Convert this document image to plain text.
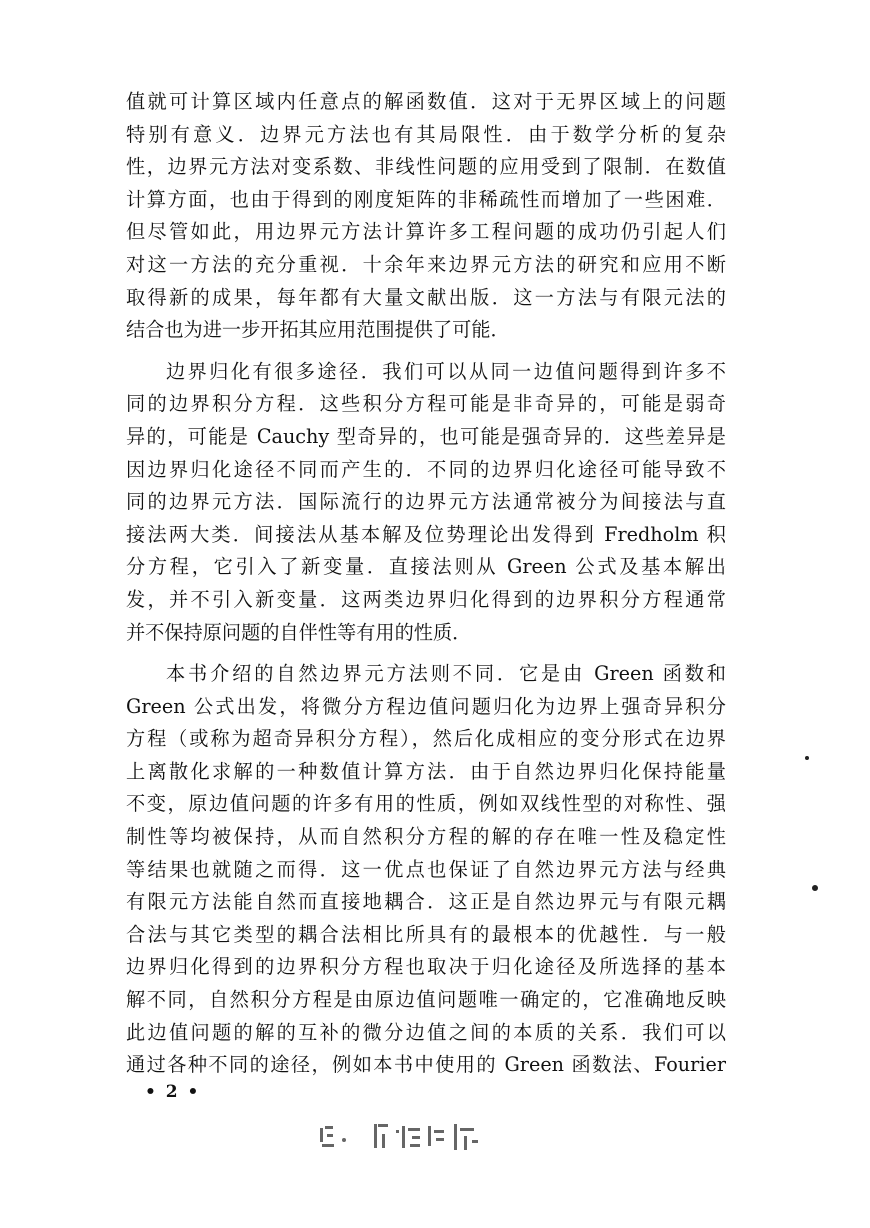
值就可计算区域内任意点的解函数值．这对于无界区域上的问题
特别有意义．边界元方法也有其局限性．由于数学分析的复杂
性，边界元方法对变系数、非线性问题的应用受到了限制．在数值
计算方面，也由于得到的刚度矩阵的非稀疏性而增加了一些困难．
但尽管如此，用边界元方法计算许多工程问题的成功仍引起人们
对这一方法的充分重视．十余年来边界元方法的研究和应用不断
取得新的成果，每年都有大量文献出版．这一方法与有限元法的
结合也为进一步开拓其应用范围提供了可能．
边界归化有很多途径．我们可以从同一边值问题得到许多不
同的边界积分方程．这些积分方程可能是非奇异的，可能是弱奇
异的，可能是 Cauchy 型奇异的，也可能是强奇异的．这些差异是
因边界归化途径不同而产生的．不同的边界归化途径可能导致不
同的边界元方法．国际流行的边界元方法通常被分为间接法与直
接法两大类．间接法从基本解及位势理论出发得到 Fredholm 积
分方程，它引入了新变量．直接法则从 Green 公式及基本解出
发，并不引入新变量．这两类边界归化得到的边界积分方程通常
并不保持原问题的自伴性等有用的性质．
本书介绍的自然边界元方法则不同．它是由 Green 函数和
Green 公式出发，将微分方程边值问题归化为边界上强奇异积分
方程（或称为超奇异积分方程），然后化成相应的变分形式在边界
上离散化求解的一种数值计算方法．由于自然边界归化保持能量
不变，原边值问题的许多有用的性质，例如双线性型的对称性、强
制性等均被保持，从而自然积分方程的解的存在唯一性及稳定性
等结果也就随之而得．这一优点也保证了自然边界元方法与经典
有限元方法能自然而直接地耦合．这正是自然边界元与有限元耦
合法与其它类型的耦合法相比所具有的最根本的优越性．与一般
边界归化得到的边界积分方程也取决于归化途径及所选择的基本
解不同，自然积分方程是由原边值问题唯一确定的，它准确地反映
此边值问题的解的互补的微分边值之间的本质的关系．我们可以
通过各种不同的途径，例如本书中使用的 Green 函数法、Fourier
• 2 •
